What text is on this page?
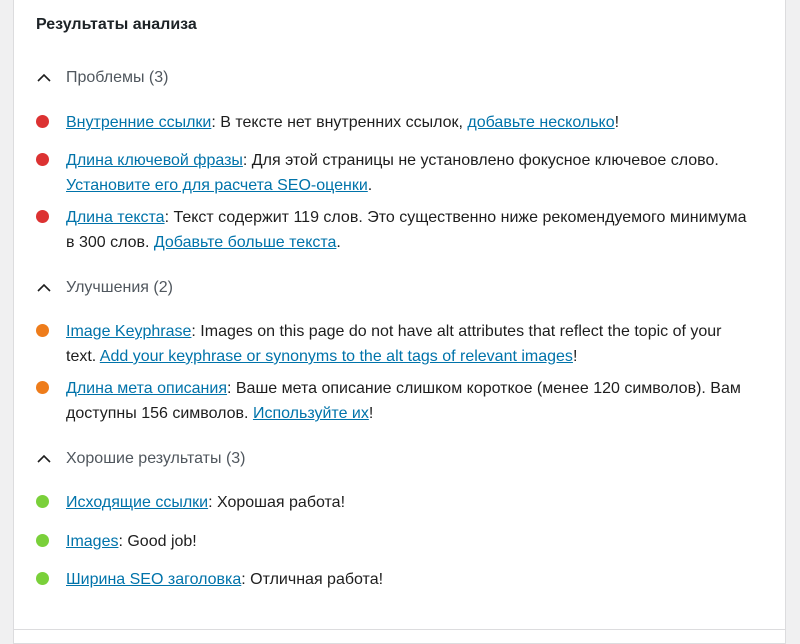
Результаты анализа
Проблемы (3)
Внутренние ссылки: В тексте нет внутренних ссылок, добавьте несколько!
Длина ключевой фразы: Для этой страницы не установлено фокусное ключевое слово. Установите его для расчета SEO-оценки.
Длина текста: Текст содержит 119 слов. Это существенно ниже рекомендуемого минимума в 300 слов. Добавьте больше текста.
Улучшения (2)
Image Keyphrase: Images on this page do not have alt attributes that reflect the topic of your text. Add your keyphrase or synonyms to the alt tags of relevant images!
Длина мета описания: Ваше мета описание слишком короткое (менее 120 символов). Вам доступны 156 символов. Используйте их!
Хорошие результаты (3)
Исходящие ссылки: Хорошая работа!
Images: Good job!
Ширина SEO заголовка: Отличная работа!
